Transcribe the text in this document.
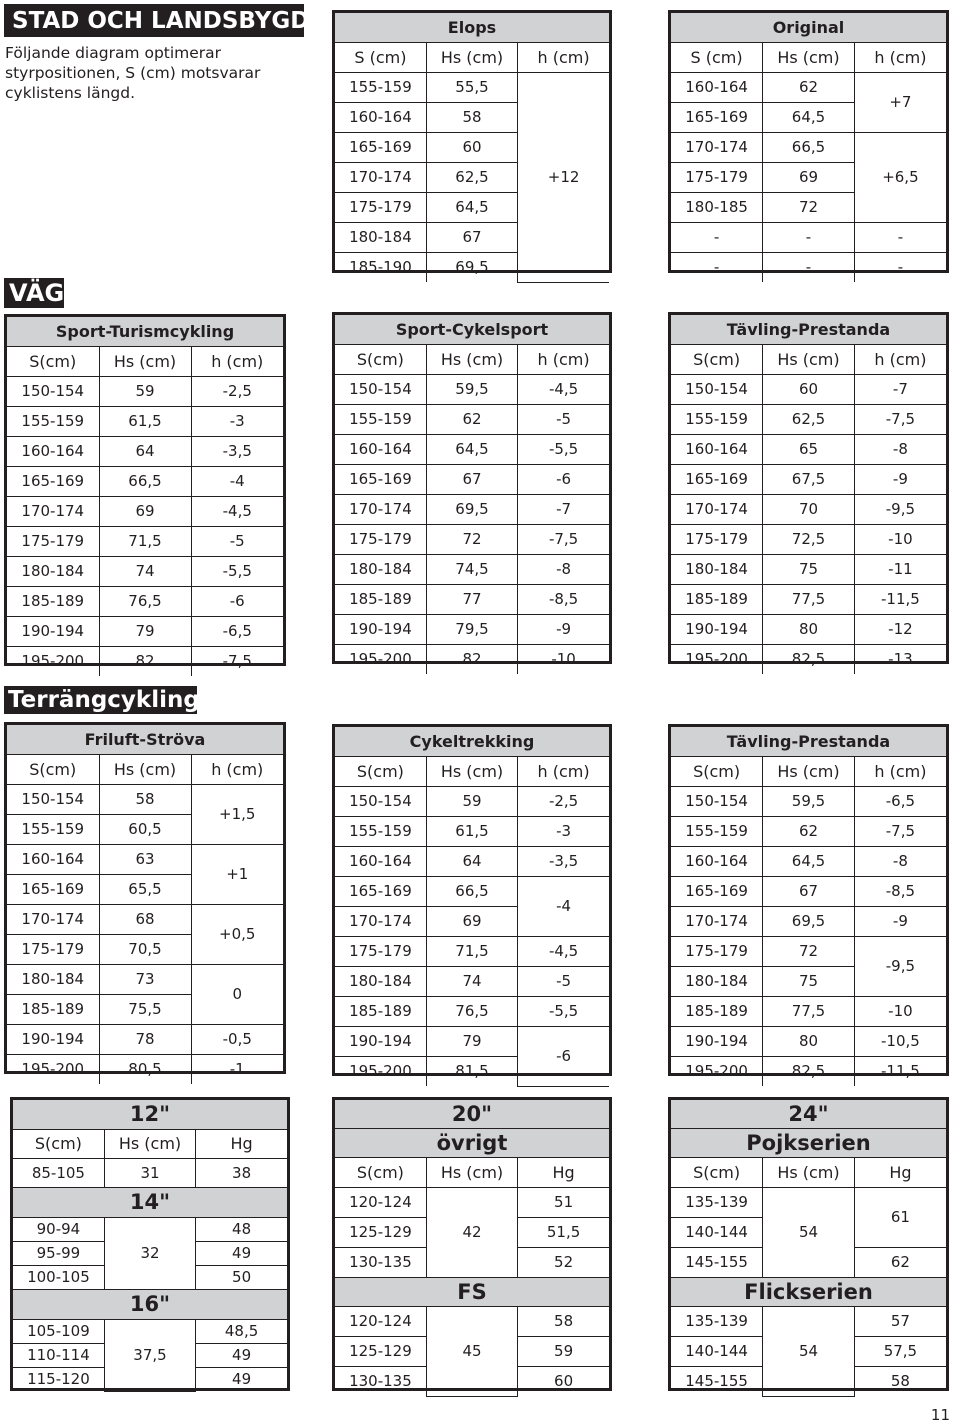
STAD OCH LANDSBYGD
Följande diagram optimerar styrpositionen, S (cm) motsvarar cyklistens längd.
VÄG
Terrängcykling
Elops		
S (cm)	Hs (cm)	h (cm)
155-159	55,5	+12
160-164	58	
165-169	60	
170-174	62,5	
175-179	64,5	
180-184	67	
185-190	69,5	
Original		
S (cm)	Hs (cm)	h (cm)
160-164	62	+7
165-169	64,5	
170-174	66,5	+6,5
175-179	69	
180-185	72	
-	-	-
-	-	-
Sport-Turismcykling		
S(cm)	Hs (cm)	h (cm)
150-154	59	-2,5
155-159	61,5	-3
160-164	64	-3,5
165-169	66,5	-4
170-174	69	-4,5
175-179	71,5	-5
180-184	74	-5,5
185-189	76,5	-6
190-194	79	-6,5
195-200	82	-7,5
Sport-Cykelsport		
S(cm)	Hs (cm)	h (cm)
150-154	59,5	-4,5
155-159	62	-5
160-164	64,5	-5,5
165-169	67	-6
170-174	69,5	-7
175-179	72	-7,5
180-184	74,5	-8
185-189	77	-8,5
190-194	79,5	-9
195-200	82	-10
Tävling-Prestanda		
S(cm)	Hs (cm)	h (cm)
150-154	60	-7
155-159	62,5	-7,5
160-164	65	-8
165-169	67,5	-9
170-174	70	-9,5
175-179	72,5	-10
180-184	75	-11
185-189	77,5	-11,5
190-194	80	-12
195-200	82,5	-13
Friluft-Ströva		
S(cm)	Hs (cm)	h (cm)
150-154	58	+1,5
155-159	60,5	
160-164	63	+1
165-169	65,5	
170-174	68	+0,5
175-179	70,5	
180-184	73	0
185-189	75,5	
190-194	78	-0,5
195-200	80,5	-1
Cykeltrekking		
S(cm)	Hs (cm)	h (cm)
150-154	59	-2,5
155-159	61,5	-3
160-164	64	-3,5
165-169	66,5	-4
170-174	69	
175-179	71,5	-4,5
180-184	74	-5
185-189	76,5	-5,5
190-194	79	-6
195-200	81,5	
Tävling-Prestanda		
S(cm)	Hs (cm)	h (cm)
150-154	59,5	-6,5
155-159	62	-7,5
160-164	64,5	-8
165-169	67	-8,5
170-174	69,5	-9
175-179	72	-9,5
180-184	75	
185-189	77,5	-10
190-194	80	-10,5
195-200	82,5	-11,5
12"		
S(cm)	Hs (cm)	Hg
85-105	31	38
14"		
90-94	32	48
95-99		49
100-105		50
16"		
105-109	37,5	48,5
110-114		49
115-120		49
20"		
övrigt		
S(cm)	Hs (cm)	Hg
120-124	42	51
125-129		51,5
130-135		52
FS		
120-124	45	58
125-129		59
130-135		60
24"		
Pojkserien		
S(cm)	Hs (cm)	Hg
135-139	54	61
140-144		
145-155		62
Flickserien		
135-139	54	57
140-144		57,5
145-155		58
11
